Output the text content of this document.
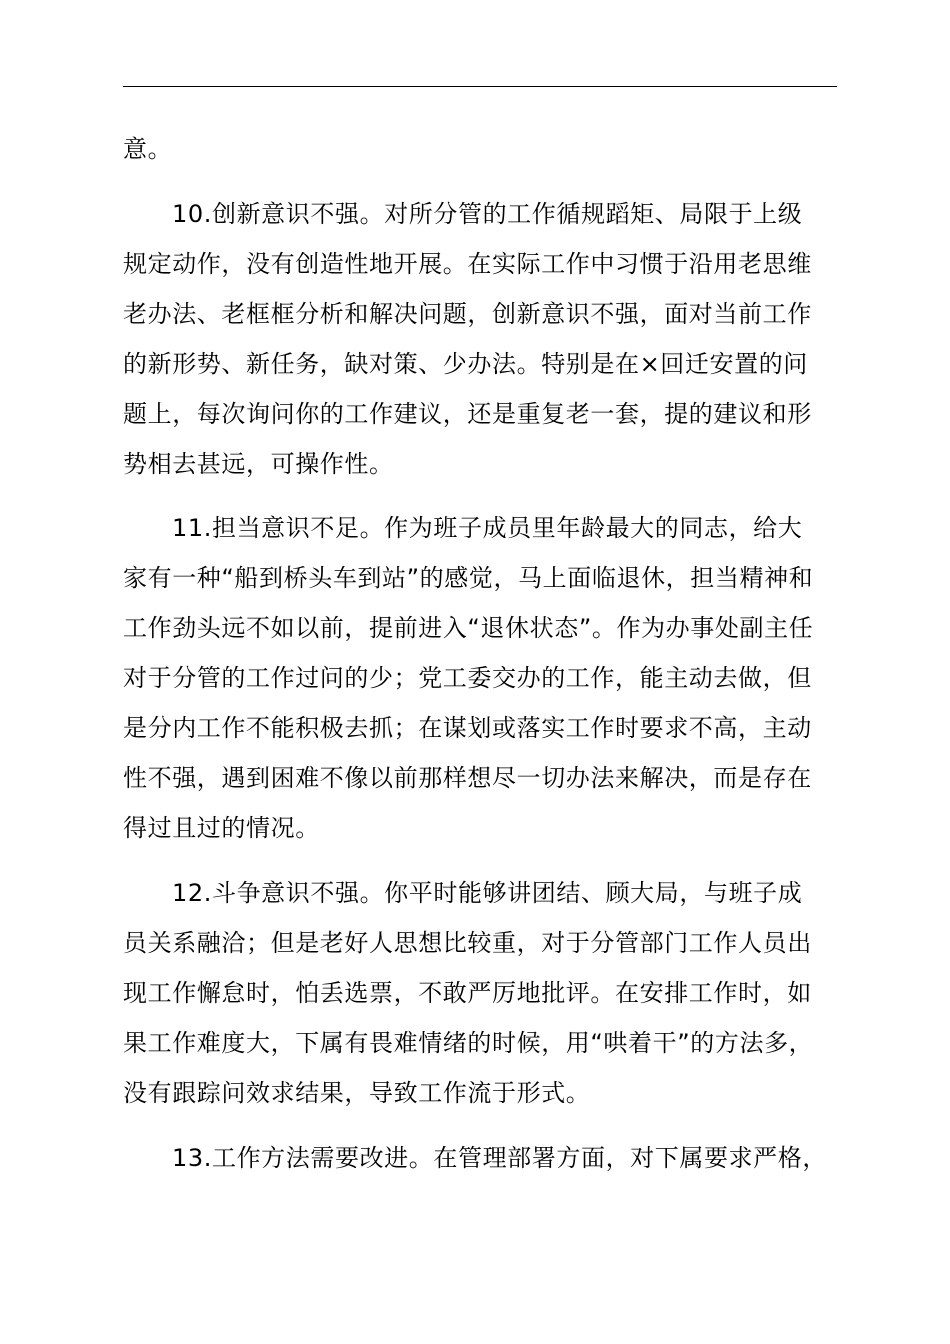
意。
10.创新意识不强。对所分管的工作循规蹈矩、局限于上级
规定动作，没有创造性地开展。在实际工作中习惯于沿用老思维
老办法、老框框分析和解决问题，创新意识不强，面对当前工作
的新形势、新任务，缺对策、少办法。特别是在×回迁安置的问
题上，每次询问你的工作建议，还是重复老一套，提的建议和形
势相去甚远，可操作性。
11.担当意识不足。作为班子成员里年龄最大的同志，给大
家有一种“船到桥头车到站”的感觉，马上面临退休，担当精神和
工作劲头远不如以前，提前进入“退休状态”。作为办事处副主任
对于分管的工作过问的少；党工委交办的工作，能主动去做，但
是分内工作不能积极去抓；在谋划或落实工作时要求不高，主动
性不强，遇到困难不像以前那样想尽一切办法来解决，而是存在
得过且过的情况。
12.斗争意识不强。你平时能够讲团结、顾大局，与班子成
员关系融洽；但是老好人思想比较重，对于分管部门工作人员出
现工作懈怠时，怕丢选票，不敢严厉地批评。在安排工作时，如
果工作难度大，下属有畏难情绪的时候，用“哄着干”的方法多，
没有跟踪问效求结果，导致工作流于形式。
13.工作方法需要改进。在管理部署方面，对下属要求严格，
